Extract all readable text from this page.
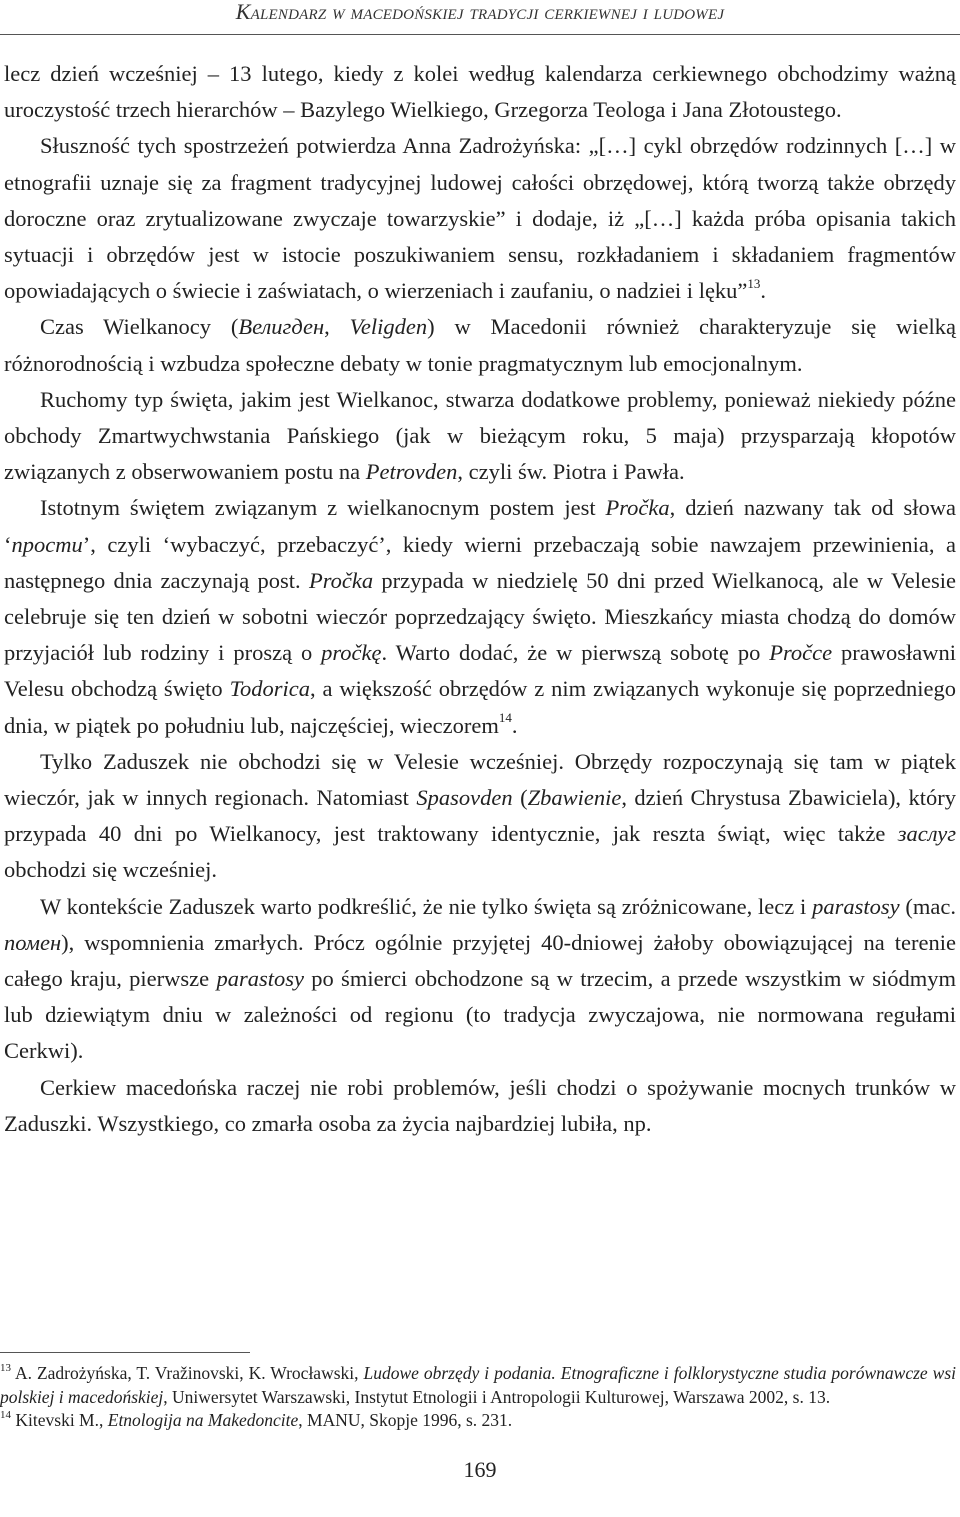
Kalendarz w macedońskiej tradycji cerkiewnej i ludowej

lecz dzień wcześniej – 13 lutego, kiedy z kolei według kalendarza cerkiewnego obchodzimy ważną uroczystość trzech hierarchów – Bazylego Wielkiego, Grzegorza Teologa i Jana Złotoustego.

Słuszność tych spostrzeżeń potwierdza Anna Zadrożyńska: „[…] cykl obrzędów rodzinnych […] w etnografii uznaje się za fragment tradycyjnej ludowej całości obrzędowej, którą tworzą także obrzędy doroczne oraz zrytualizowane zwyczaje towarzyskie” i dodaje, iż „[…] każda próba opisania takich sytuacji i obrzędów jest w istocie poszukiwaniem sensu, rozkładaniem i składaniem fragmentów opowiadających o świecie i zaświatach, o wierzeniach i zaufaniu, o nadziei i lęku”$^{13}$.

Czas Wielkanocy (Велигден, Veligden) w Macedonii również charakteryzuje się wielką różnorodnością i wzbudza społeczne debaty w tonie pragmatycznym lub emocjonalnym.

Ruchomy typ święta, jakim jest Wielkanoc, stwarza dodatkowe problemy, ponieważ niekiedy późne obchody Zmartwychwstania Pańskiego (jak w bieżącym roku, 5 maja) przysparzają kłopotów związanych z obserwowaniem postu na Petrovden, czyli św. Piotra i Pawła.

Istotnym świętem związanym z wielkanocnym postem jest Pročka, dzień nazwany tak od słowa ‘прости’, czyli ‘wybaczyć, przebaczyć’, kiedy wierni przebaczają sobie nawzajem przewinienia, a następnego dnia zaczynają post. Pročka przypada w niedzielę 50 dni przed Wielkanocą, ale w Velesie celebruje się ten dzień w sobotni wieczór poprzedzający święto. Mieszkańcy miasta chodzą do domów przyjaciół lub rodziny i proszą o pročkę. Warto dodać, że w pierwszą sobotę po Pročce prawosławni Velesu obchodzą święto Todorica, a większość obrzędów z nim związanych wykonuje się poprzedniego dnia, w piątek po południu lub, najczęściej, wieczorem$^{14}$.

Tylko Zaduszek nie obchodzi się w Velesie wcześniej. Obrzędy rozpoczynają się tam w piątek wieczór, jak w innych regionach. Natomiast Spasovden (Zbawienie, dzień Chrystusa Zbawiciela), który przypada 40 dni po Wielkanocy, jest traktowany identycznie, jak reszta świąt, więc także заслуг obchodzi się wcześniej.

W kontekście Zaduszek warto podkreślić, że nie tylko święta są zróżnicowane, lecz i parastosy (mac. помен), wspomnienia zmarłych. Prócz ogólnie przyjętej 40-dniowej żałoby obowiązującej na terenie całego kraju, pierwsze parastosy po śmierci obchodzone są w trzecim, a przede wszystkim w siódmym lub dziewiątym dniu w zależności od regionu (to tradycja zwyczajowa, nie normowana regułami Cerkwi).

Cerkiew macedońska raczej nie robi problemów, jeśli chodzi o spożywanie mocnych trunków w Zaduszki. Wszystkiego, co zmarła osoba za życia najbardziej lubiła, np.

$^{13}$ A. Zadrożyńska, T. Vražinovski, K. Wrocławski, Ludowe obrzędy i podania. Etnograficzne i folklorystyczne studia porównawcze wsi polskiej i macedońskiej, Uniwersytet Warszawski, Instytut Etnologii i Antropologii Kulturowej, Warszawa 2002, s. 13.

$^{14}$ Kitevski M., Etnologija na Makedoncite, MANU, Skopje 1996, s. 231.

169
